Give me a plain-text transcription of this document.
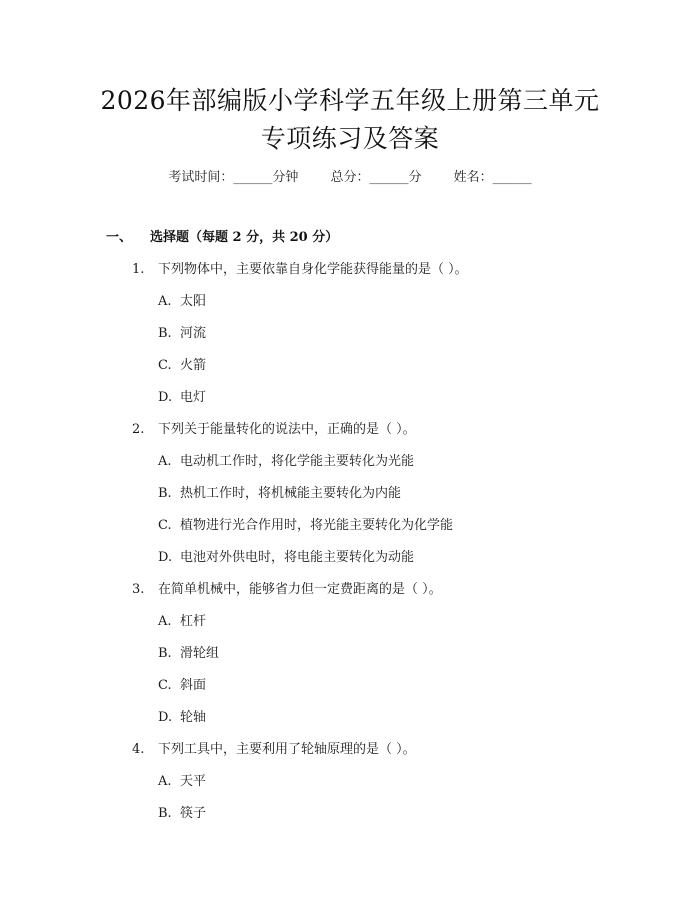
2026年部编版小学科学五年级上册第三单元
专项练习及答案
考试时间：______分钟 总分：______分 姓名：______
一、 选择题（每题 2 分，共 20 分）
1. 下列物体中，主要依靠自身化学能获得能量的是（ ）。
A. 太阳
B. 河流
C. 火箭
D. 电灯
2. 下列关于能量转化的说法中，正确的是（ ）。
A. 电动机工作时，将化学能主要转化为光能
B. 热机工作时，将机械能主要转化为内能
C. 植物进行光合作用时，将光能主要转化为化学能
D. 电池对外供电时，将电能主要转化为动能
3. 在简单机械中，能够省力但一定费距离的是（ ）。
A. 杠杆
B. 滑轮组
C. 斜面
D. 轮轴
4. 下列工具中，主要利用了轮轴原理的是（ ）。
A. 天平
B. 筷子
